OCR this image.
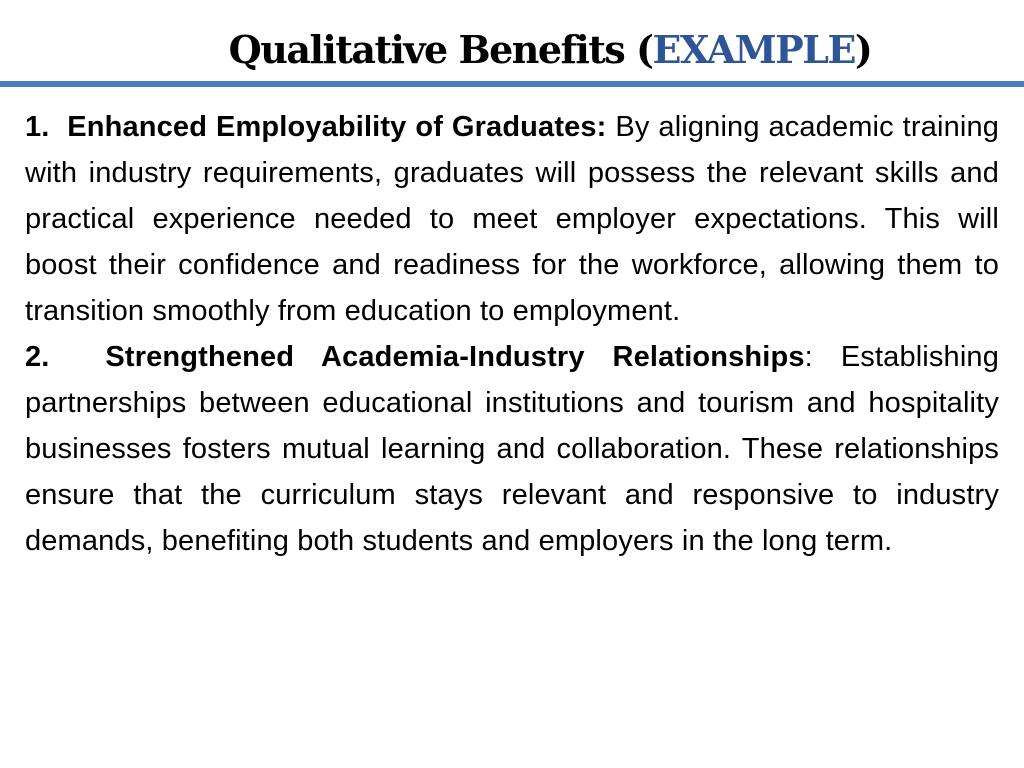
Qualitative Benefits (EXAMPLE)

1. Enhanced Employability of Graduates: By aligning academic training with industry requirements, graduates will possess the relevant skills and practical experience needed to meet employer expectations. This will boost their confidence and readiness for the workforce, allowing them to transition smoothly from education to employment.

2. Strengthened Academia-Industry Relationships: Establishing partnerships between educational institutions and tourism and hospitality businesses fosters mutual learning and collaboration. These relationships ensure that the curriculum stays relevant and responsive to industry demands, benefiting both students and employers in the long term.
